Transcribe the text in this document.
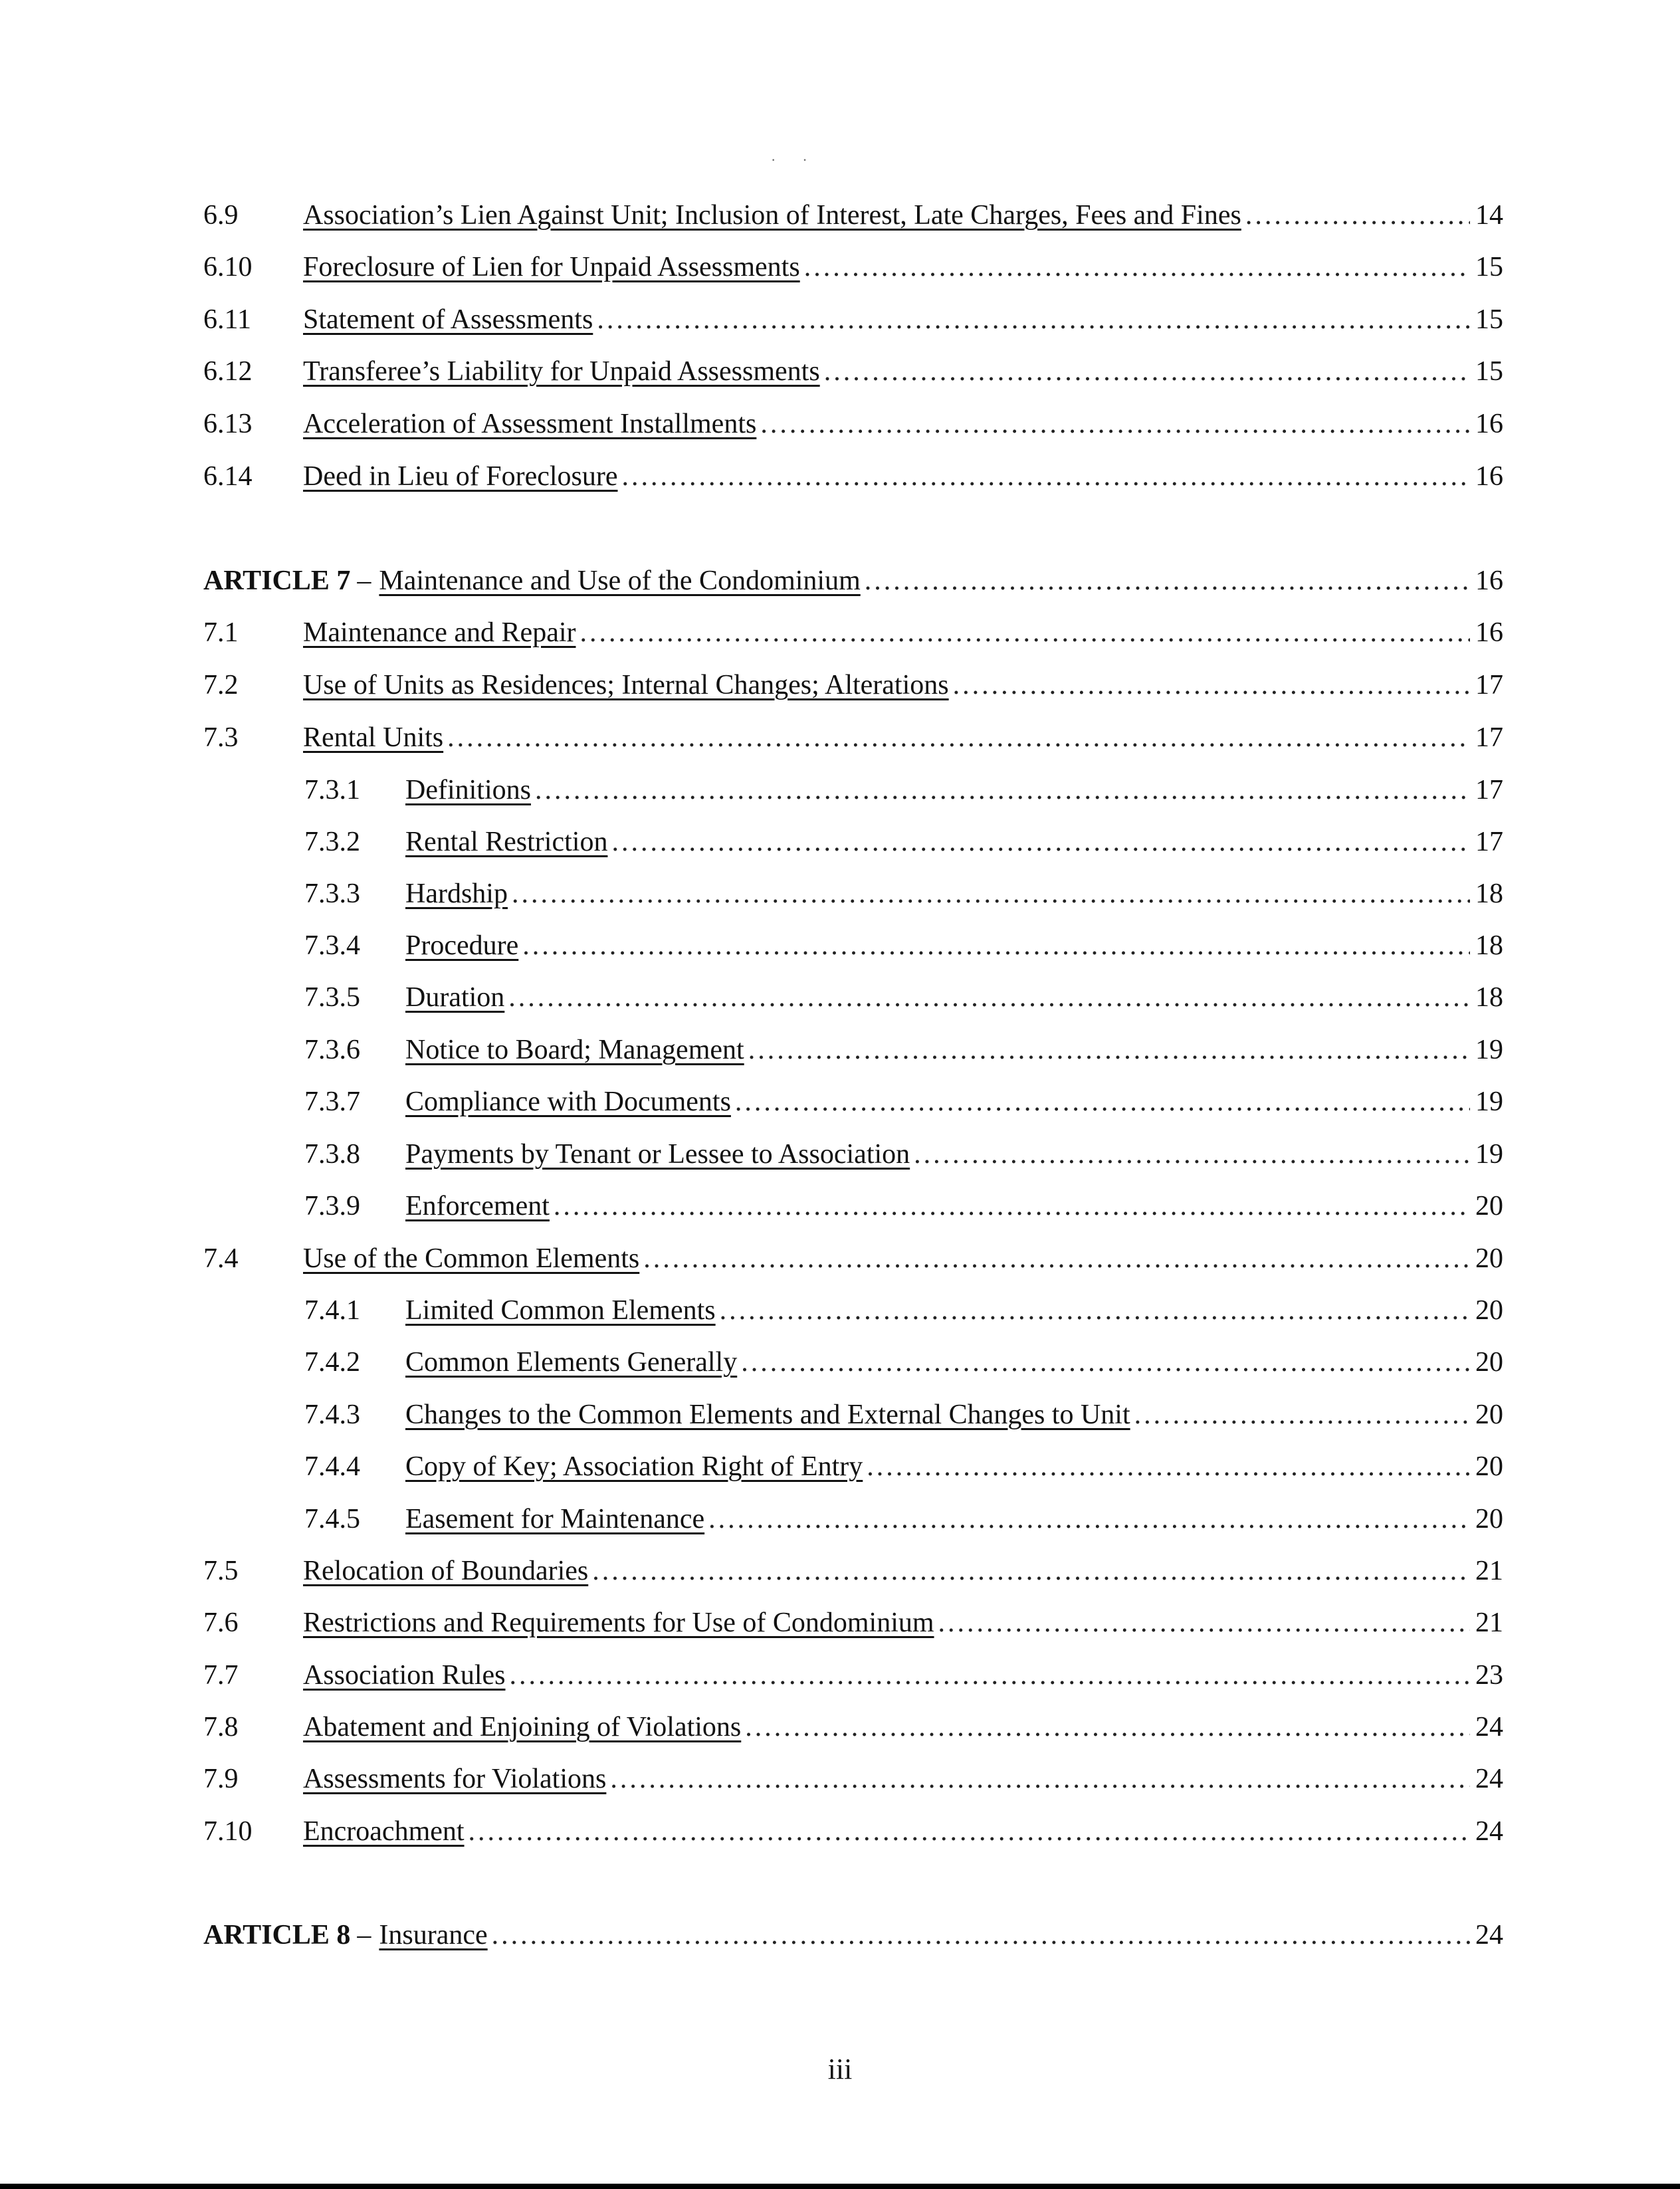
··
6.9	Association’s Lien Against Unit; Inclusion of Interest, Late Charges, Fees and Fines .....	14
6.10	Foreclosure of Lien for Unpaid Assessments .....	15
6.11	Statement of Assessments .....	15
6.12	Transferee’s Liability for Unpaid Assessments .....	15
6.13	Acceleration of Assessment Installments .....	16
6.14	Deed in Lieu of Foreclosure .....	16
ARTICLE 7 – Maintenance and Use of the Condominium .....	16
7.1	Maintenance and Repair .....	16
7.2	Use of Units as Residences; Internal Changes; Alterations .....	17
7.3	Rental Units .....	17
7.3.1	Definitions .....	17
7.3.2	Rental Restriction .....	17
7.3.3	Hardship .....	18
7.3.4	Procedure .....	18
7.3.5	Duration .....	18
7.3.6	Notice to Board; Management .....	19
7.3.7	Compliance with Documents .....	19
7.3.8	Payments by Tenant or Lessee to Association .....	19
7.3.9	Enforcement .....	20
7.4	Use of the Common Elements .....	20
7.4.1	Limited Common Elements .....	20
7.4.2	Common Elements Generally .....	20
7.4.3	Changes to the Common Elements and External Changes to Unit .....	20
7.4.4	Copy of Key; Association Right of Entry .....	20
7.4.5	Easement for Maintenance .....	20
7.5	Relocation of Boundaries .....	21
7.6	Restrictions and Requirements for Use of Condominium .....	21
7.7	Association Rules .....	23
7.8	Abatement and Enjoining of Violations .....	24
7.9	Assessments for Violations .....	24
7.10	Encroachment .....	24
ARTICLE 8 – Insurance .....	24
iii
